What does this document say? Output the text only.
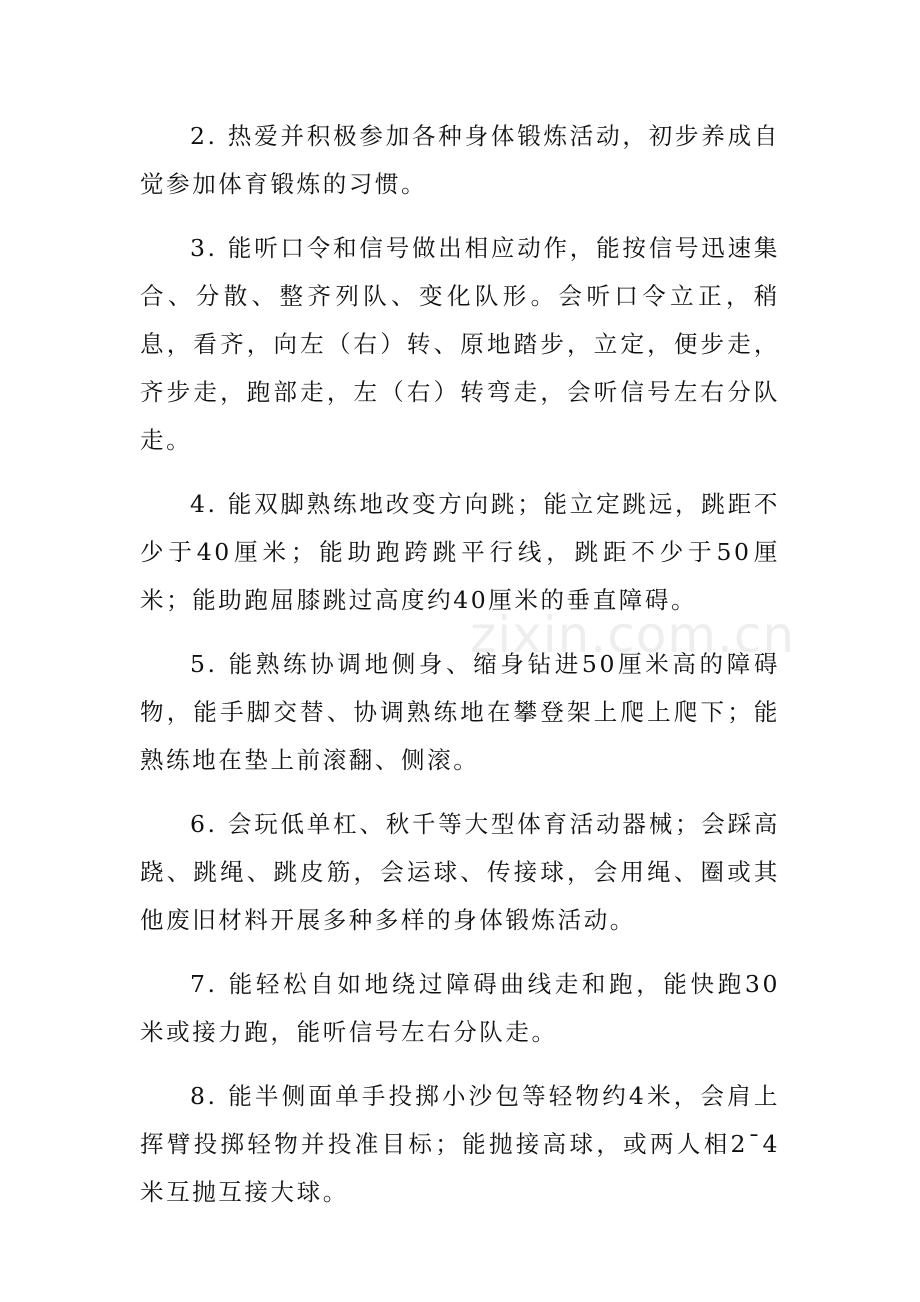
2. 热爱并积极参加各种身体锻炼活动，初步养成自觉参加体育锻炼的习惯。

3. 能听口令和信号做出相应动作，能按信号迅速集合、分散、整齐列队、变化队形。会听口令立正，稍息，看齐，向左（右）转、原地踏步，立定，便步走，齐步走，跑部走，左（右）转弯走，会听信号左右分队走。

4. 能双脚熟练地改变方向跳；能立定跳远，跳距不少于40厘米；能助跑跨跳平行线，跳距不少于50厘米；能助跑屈膝跳过高度约40厘米的垂直障碍。

5. 能熟练协调地侧身、缩身钻进50厘米高的障碍物，能手脚交替、协调熟练地在攀登架上爬上爬下；能熟练地在垫上前滚翻、侧滚。

6. 会玩低单杠、秋千等大型体育活动器械；会踩高跷、跳绳、跳皮筋，会运球、传接球，会用绳、圈或其他废旧材料开展多种多样的身体锻炼活动。

7. 能轻松自如地绕过障碍曲线走和跑，能快跑30米或接力跑，能听信号左右分队走。

8. 能半侧面单手投掷小沙包等轻物约4米，会肩上挥臂投掷轻物并投准目标；能抛接高球，或两人相2¯4米互抛互接大球。

zixin.com.cn
